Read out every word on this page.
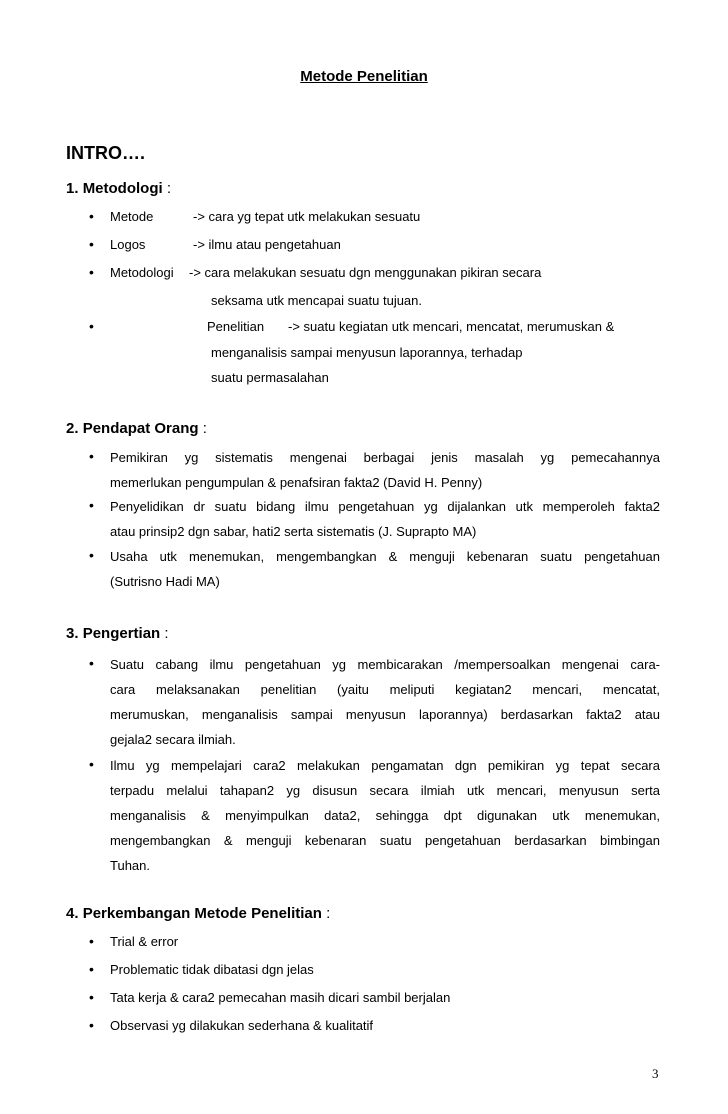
Metode Penelitian
INTRO….
1. Metodologi :
• Metode	-> cara yg tepat utk melakukan sesuatu
• Logos	-> ilmu atau pengetahuan
• Metodologi -> cara melakukan sesuatu dgn menggunakan pikiran secara
seksama utk mencapai suatu tujuan.
•	Penelitian -> suatu kegiatan utk mencari, mencatat, merumuskan &
menganalisis sampai menyusun laporannya, terhadap
suatu permasalahan
2. Pendapat Orang :
• Pemikiran yg sistematis mengenai berbagai jenis masalah yg pemecahannya
memerlukan pengumpulan & penafsiran fakta2 (David H. Penny)
• Penyelidikan dr suatu bidang ilmu pengetahuan yg dijalankan utk memperoleh fakta2
atau prinsip2 dgn sabar, hati2 serta sistematis (J. Suprapto MA)
• Usaha utk menemukan, mengembangkan & menguji kebenaran suatu pengetahuan
(Sutrisno Hadi MA)
3. Pengertian :
• Suatu cabang ilmu pengetahuan yg membicarakan /mempersoalkan mengenai cara-
cara melaksanakan penelitian (yaitu meliputi kegiatan2 mencari, mencatat,
merumuskan, menganalisis sampai menyusun laporannya) berdasarkan fakta2 atau
gejala2 secara ilmiah.
• Ilmu yg mempelajari cara2 melakukan pengamatan dgn pemikiran yg tepat secara
terpadu melalui tahapan2 yg disusun secara ilmiah utk mencari, menyusun serta
menganalisis & menyimpulkan data2, sehingga dpt digunakan utk menemukan,
mengembangkan & menguji kebenaran suatu pengetahuan berdasarkan bimbingan
Tuhan.
4. Perkembangan Metode Penelitian :
• Trial & error
• Problematic tidak dibatasi dgn jelas
• Tata kerja & cara2 pemecahan masih dicari sambil berjalan
• Observasi yg dilakukan sederhana & kualitatif
3
